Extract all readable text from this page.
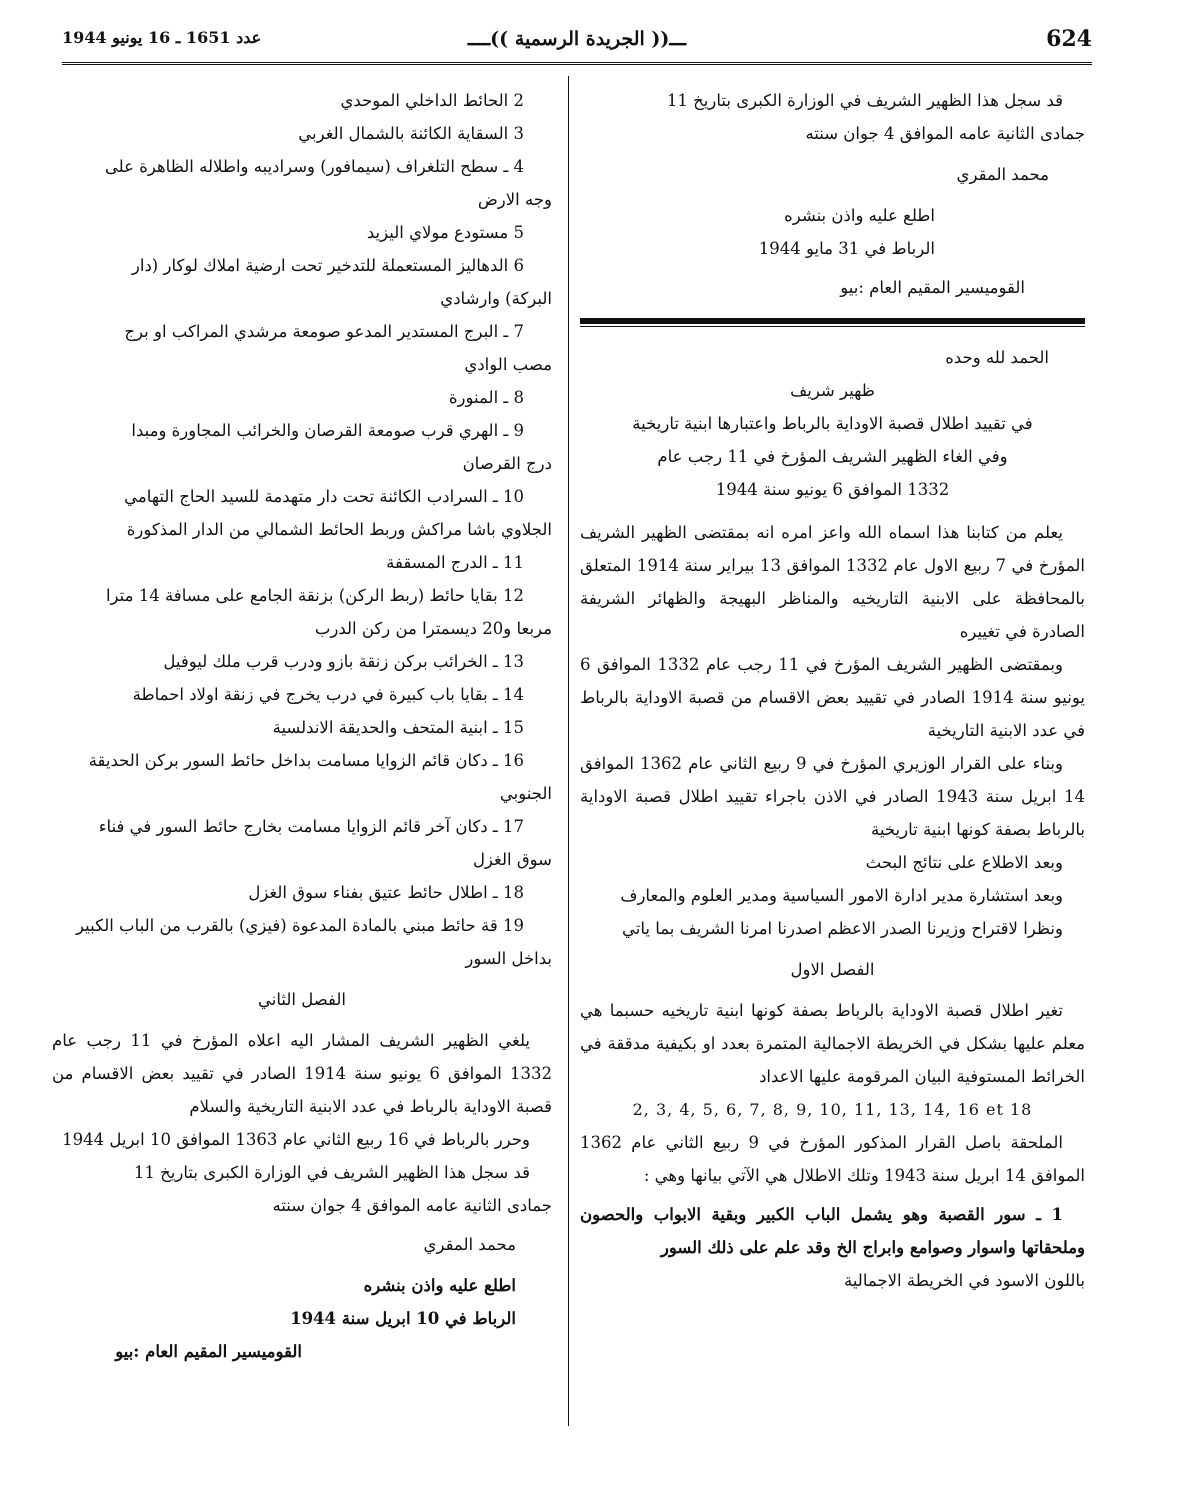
624
ـــ(( الجريدة الرسمية ))ــــ
عدد 1651 ـ 16 يونيو 1944

قد سجل هذا الظهير الشريف في الوزارة الكبرى بتاريخ 11

جمادى الثانية عامه الموافق 4 جوان سنته

محمد المقري

اطلع عليه واذن بنشره

الرباط في 31 مايو 1944

القوميسير المقيم العام :بيو

الحمد لله وحده

ظهير شريف

في تقييد اطلال قصبة الاوداية بالرباط واعتبارها ابنية تاريخية

وفي الغاء الظهير الشريف المؤرخ في 11 رجب عام

1332 الموافق 6 يونيو سنة 1944

يعلم من كتابنا هذا اسماه الله واعز امره انه بمقتضى الظهير الشريف المؤرخ في 7 ربيع الاول عام 1332 الموافق 13 بيراير سنة 1914 المتعلق بالمحافظة على الابنية التاريخيه والمناظر البهيجة والظهائر الشريفة الصادرة في تغييره

وبمقتضى الظهير الشريف المؤرخ في 11 رجب عام 1332 الموافق 6 يونيو سنة 1914 الصادر في تقييد بعض الاقسام من قصبة الاوداية بالرباط في عدد الابنية التاريخية

وبناء على القرار الوزيري المؤرخ في 9 ربيع الثاني عام 1362 الموافق 14 ابريل سنة 1943 الصادر في الاذن باجراء تقييد اطلال قصبة الاوداية بالرباط بصفة كونها ابنية تاريخية

وبعد الاطلاع على نتائج البحث

وبعد استشارة مدير ادارة الامور السياسية ومدير العلوم والمعارف

ونظرا لاقتراح وزيرنا الصدر الاعظم اصدرنا امرنا الشريف بما ياتي

الفصل الاول

تغير اطلال قصبة الاوداية بالرباط بصفة كونها ابنية تاريخيه حسبما هي معلم عليها بشكل في الخريطة الاجمالية المتمرة بعدد او بكيفية مدققة في الخرائط المستوفية البيان المرقومة عليها الاعداد

2, 3, 4, 5, 6, 7, 8, 9, 10, 11, 13, 14, 16 et 18

الملحقة باصل القرار المذكور المؤرخ في 9 ربيع الثاني عام 1362 الموافق 14 ابريل سنة 1943 وتلك الاطلال هي الآتي بيانها وهي :

1 ـ سور القصبة وهو يشمل الباب الكبير وبقية الابواب والحصون وملحقاتها واسوار وصوامع وابراج الخ وقد علم على ذلك السور

باللون الاسود في الخريطة الاجمالية

2 الحائط الداخلي الموحدي

3 السقاية الكائنة بالشمال الغربي

4 ـ سطح التلغراف (سيمافور) وسراديبه واطلاله الظاهرة على

وجه الارض

5 مستودع مولاي اليزيد

6 الدهاليز المستعملة للتدخير تحت ارضية املاك لوكار (دار

البركة) وارشادي

7 ـ البرج المستدير المدعو صومعة مرشدي المراكب او برج

مصب الوادي

8 ـ المنورة

9 ـ الهري قرب صومعة القرصان والخرائب المجاورة ومبدا

درج القرصان

10 ـ السرادب الكائنة تحت دار متهدمة للسيد الحاج التهامي

الجلاوي باشا مراكش وربط الحائط الشمالي من الدار المذكورة

11 ـ الدرج المسقفة

12 بقايا حائط (ربط الركن) بزنقة الجامع على مسافة 14 مترا

مربعا و20 ديسمترا من ركن الدرب

13 ـ الخرائب بركن زنقة بازو ودرب قرب ملك ليوفيل

14 ـ بقايا باب كبيرة في درب يخرج في زنقة اولاد احماطة

15 ـ ابنية المتحف والحديقة الاندلسية

16 ـ دكان قائم الزوايا مسامت بداخل حائط السور بركن الحديقة

الجنوبي

17 ـ دكان آخر قائم الزوايا مسامت بخارج حائط السور في فناء

سوق الغزل

18 ـ اطلال حائط عتيق بفناء سوق الغزل

19 قة حائط مبني بالمادة المدعوة (فيزي) بالقرب من الباب الكبير

بداخل السور

الفصل الثاني

يلغي الظهير الشريف المشار اليه اعلاه المؤرخ في 11 رجب عام 1332 الموافق 6 يونيو سنة 1914 الصادر في تقييد بعض الاقسام من قصبة الاوداية بالرباط في عدد الابنية التاريخية والسلام

وحرر بالرباط في 16 ربيع الثاني عام 1363 الموافق 10 ابريل 1944

قد سجل هذا الظهير الشريف في الوزارة الكبرى بتاريخ 11

جمادى الثانية عامه الموافق 4 جوان سنته

محمد المقري

اطلع عليه واذن بنشره

الرباط في 10 ابريل سنة 1944

القوميسير المقيم العام :بيو
